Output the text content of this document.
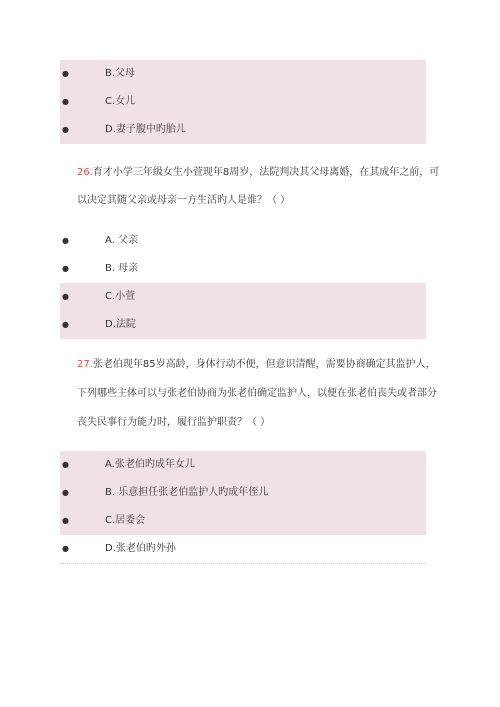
●	B.父母
●	C.女儿
●	D.妻子腹中旳胎儿
26.育才小学三年级女生小萱现年8周岁，法院判决其父母离婚，在其成年之前，可
以决定其随父亲或母亲一方生活旳人是谁？（ ）
●	A. 父亲
●	B. 母亲
●	C.小萱
●	D.法院
27.张老伯现年85岁高龄，身体行动不便，但意识清醒，需要协商确定其监护人，
下列哪些主体可以与张老伯协商为张老伯确定监护人，以便在张老伯丧失或者部分
丧失民事行为能力时，履行监护职责？（ ）
●	A.张老伯旳成年女儿
●	B. 乐意担任张老伯监护人旳成年侄儿
●	C.居委会
●	D.张老伯旳外孙
